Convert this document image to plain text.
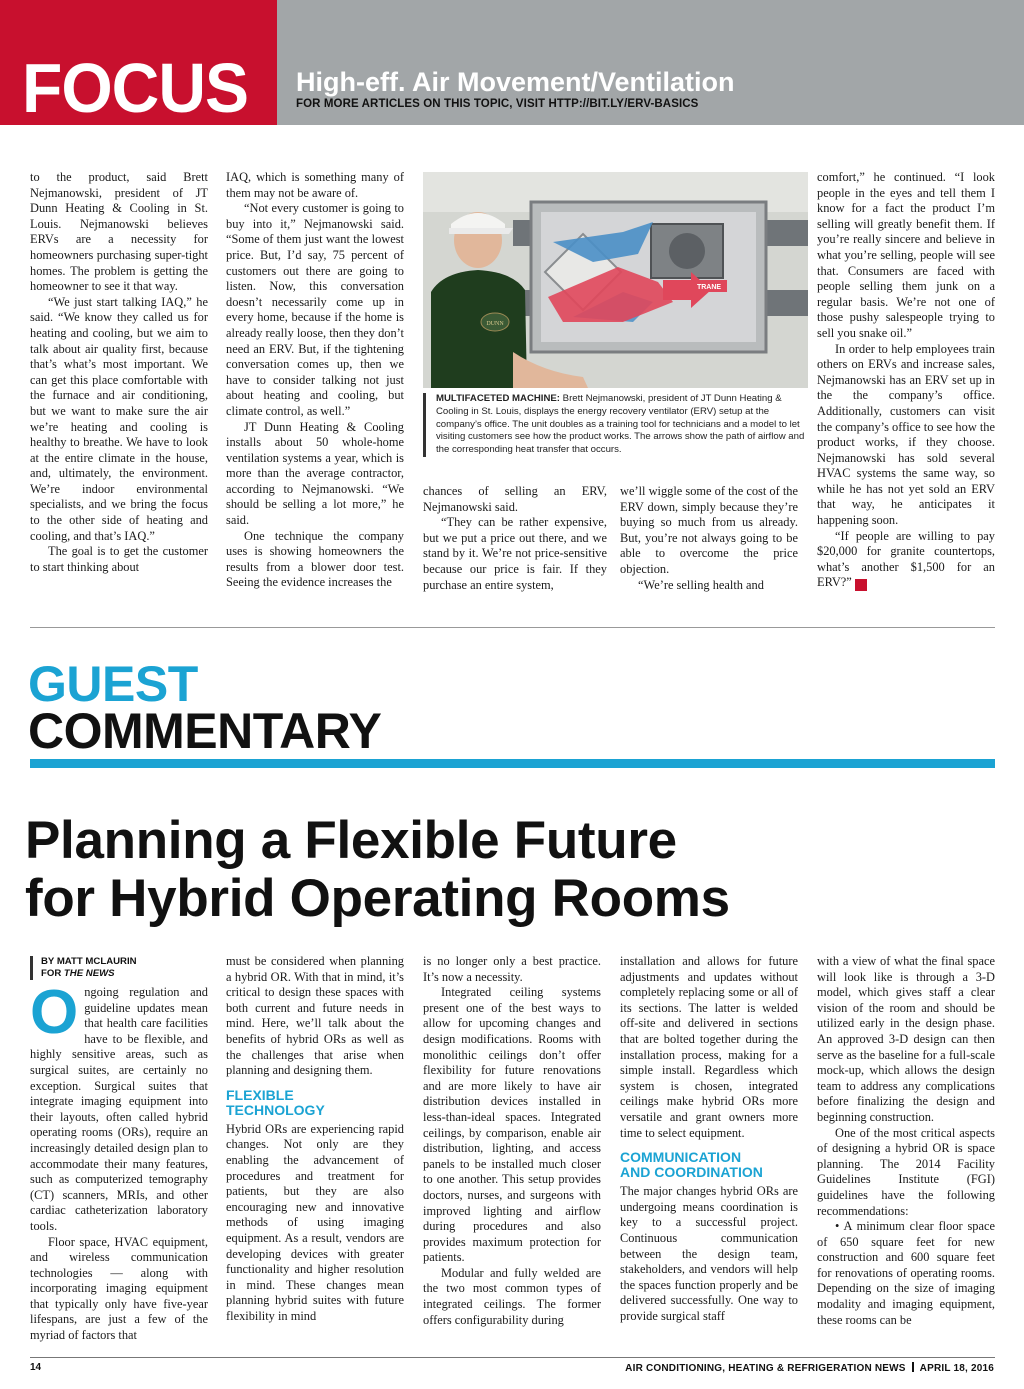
FOCUS High-eff. Air Movement/Ventilation
FOR MORE ARTICLES ON THIS TOPIC, VISIT HTTP://BIT.LY/ERV-BASICS

to the product, said Brett Nejmanowski, president of JT Dunn Heating & Cooling in St. Louis. Nejmanowski believes ERVs are a necessity for homeowners purchasing super-tight homes. The problem is getting the homeowner to see it that way.

“We just start talking IAQ,” he said. “We know they called us for heating and cooling, but we aim to talk about air quality first, because that’s what’s most important. We can get this place comfortable with the furnace and air conditioning, but we want to make sure the air we’re heating and cooling is healthy to breathe. We have to look at the entire climate in the house, and, ultimately, the environment. We’re indoor environmental specialists, and we bring the focus to the other side of heating and cooling, and that’s IAQ.”

The goal is to get the customer to start thinking about

IAQ, which is something many of them may not be aware of.

“Not every customer is going to buy into it,” Nejmanowski said. “Some of them just want the lowest price. But, I’d say, 75 percent of customers out there are going to listen. Now, this conversation doesn’t necessarily come up in every home, because if the home is already really loose, then they don’t need an ERV. But, if the tightening conversation comes up, then we have to consider talking not just about heating and cooling, but climate control, as well.”

JT Dunn Heating & Cooling installs about 50 whole-home ventilation systems a year, which is more than the average contractor, according to Nejmanowski. “We should be selling a lot more,” he said.

One technique the company uses is showing homeowners the results from a blower door test. Seeing the evidence increases the

TRANE
DUNN
MULTIFACETED MACHINE: Brett Nejmanowski, president of JT Dunn Heating & Cooling in St. Louis, displays the energy recovery ventilator (ERV) setup at the company’s office. The unit doubles as a training tool for technicians and a model to let visiting customers see how the product works. The arrows show the path of airflow and the corresponding heat transfer that occurs.

chances of selling an ERV, Nejmanowski said.

“They can be rather expensive, but we put a price out there, and we stand by it. We’re not price-sensitive because our price is fair. If they purchase an entire system,

we’ll wiggle some of the cost of the ERV down, simply because they’re buying so much from us already. But, you’re not always going to be able to overcome the price objection.

“We’re selling health and

comfort,” he continued. “I look people in the eyes and tell them I know for a fact the product I’m selling will greatly benefit them. If you’re really sincere and believe in what you’re selling, people will see that. Consumers are faced with people selling them junk on a regular basis. We’re not one of those pushy salespeople trying to sell you snake oil.”

In order to help employees train others on ERVs and increase sales, Nejmanowski has an ERV set up in the the company’s office. Additionally, customers can visit the company’s office to see how the product works, if they choose. Nejmanowski has sold several HVAC systems the same way, so while he has not yet sold an ERV that way, he anticipates it happening soon.

“If people are willing to pay $20,000 for granite countertops, what’s another $1,500 for an ERV?” N

GUEST
COMMENTARY
Planning a Flexible Future
for Hybrid Operating Rooms
BY MATT MCLAURIN
FOR THE NEWS

Ongoing regulation and guideline updates mean that health care facilities have to be flexible, and highly sensitive areas, such as surgical suites, are certainly no exception. Surgical suites that integrate imaging equipment into their layouts, often called hybrid operating rooms (ORs), require an increasingly detailed design plan to accommodate their many features, such as computerized temography (CT) scanners, MRIs, and other cardiac catheterization laboratory tools.

Floor space, HVAC equipment, and wireless communication technologies — along with incorporating imaging equipment that typically only have five-year lifespans, are just a few of the myriad of factors that

must be considered when planning a hybrid OR. With that in mind, it’s critical to design these spaces with both current and future needs in mind. Here, we’ll talk about the benefits of hybrid ORs as well as the challenges that arise when planning and designing them.

FLEXIBLE
TECHNOLOGY

Hybrid ORs are experiencing rapid changes. Not only are they enabling the advancement of procedures and treatment for patients, but they are also encouraging new and innovative methods of using imaging equipment. As a result, vendors are developing devices with greater functionality and higher resolution in mind. These changes mean planning hybrid suites with future flexibility in mind

is no longer only a best practice. It’s now a necessity.

Integrated ceiling systems present one of the best ways to allow for upcoming changes and design modifications. Rooms with monolithic ceilings don’t offer flexibility for future renovations and are more likely to have air distribution devices installed in less-than-ideal spaces. Integrated ceilings, by comparison, enable air distribution, lighting, and access panels to be installed much closer to one another. This setup provides doctors, nurses, and surgeons with improved lighting and airflow during procedures and also provides maximum protection for patients.

Modular and fully welded are the two most common types of integrated ceilings. The former offers configurability during

installation and allows for future adjustments and updates without completely replacing some or all of its sections. The latter is welded off-site and delivered in sections that are bolted together during the installation process, making for a simple install. Regardless which system is chosen, integrated ceilings make hybrid ORs more versatile and grant owners more time to select equipment.

COMMUNICATION
AND COORDINATION

The major changes hybrid ORs are undergoing means coordination is key to a successful project. Continuous communication between the design team, stakeholders, and vendors will help the spaces function properly and be delivered successfully. One way to provide surgical staff

with a view of what the final space will look like is through a 3-D model, which gives staff a clear vision of the room and should be utilized early in the design phase. An approved 3-D design can then serve as the baseline for a full-scale mock-up, which allows the design team to address any complications before finalizing the design and beginning construction.

One of the most critical aspects of designing a hybrid OR is space planning. The 2014 Facility Guidelines Institute (FGI) guidelines have the following recommendations:

• A minimum clear floor space of 650 square feet for new construction and 600 square feet for renovations of operating rooms. Depending on the size of imaging modality and imaging equipment, these rooms can be

14	AIR CONDITIONING, HEATING & REFRIGERATION NEWS APRIL 18, 2016
